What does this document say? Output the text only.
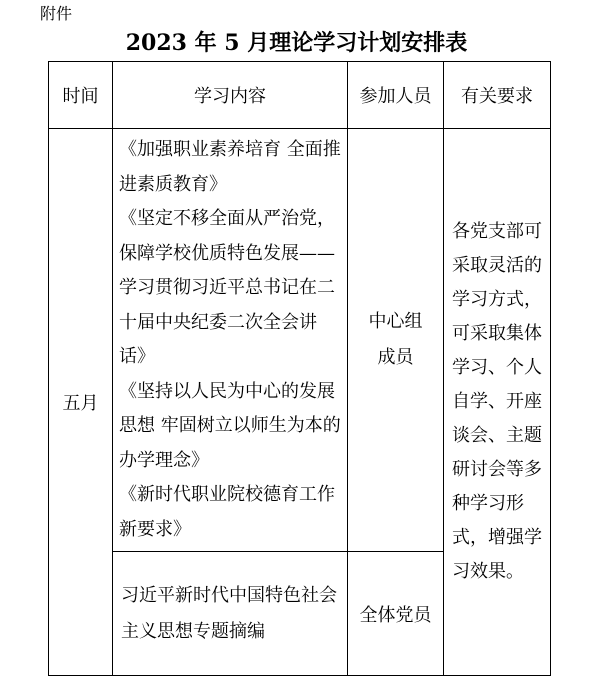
附件
2023 年 5 月理论学习计划安排表
时间	学习内容	参加人员	有关要求
五月	《加强职业素养培育 全面推进素质教育》

《坚定不移全面从严治党，保障学校优质特色发展——学习贯彻习近平总书记在二十届中央纪委二次全会讲话》

《坚持以人民为中心的发展思想 牢固树立以师生为本的办学理念》

《新时代职业院校德育工作新要求》	中心组成员	各党支部可采取灵活的学习方式，可采取集体学习、个人自学、开座谈会、主题研讨会等多种学习形式，增强学习效果。
	习近平新时代中国特色社会主义思想专题摘编	全体党员	
